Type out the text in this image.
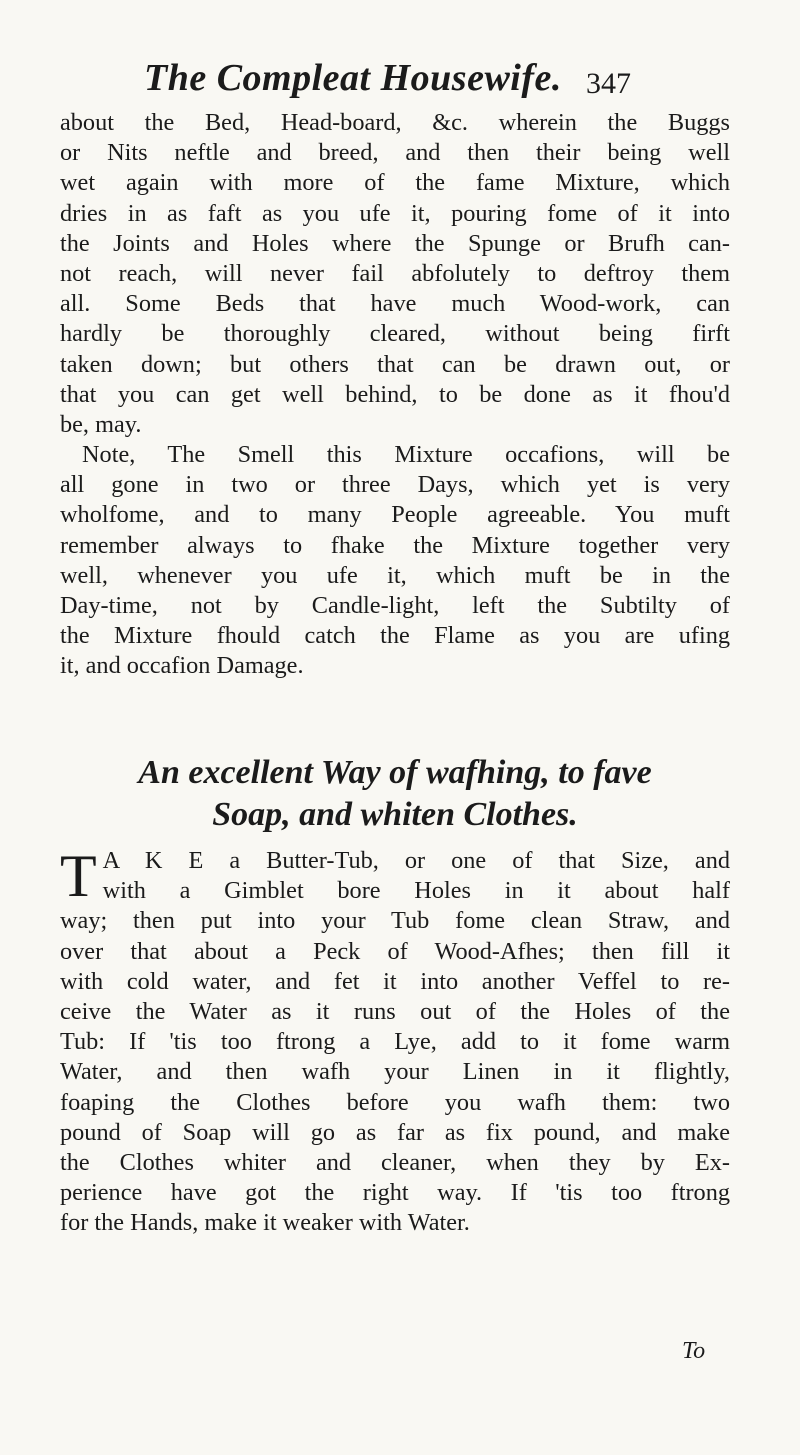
The Compleat Housewife. 347
about the Bed, Head-board, &c. wherein the Buggs
or Nits neftle and breed, and then their being well
wet again with more of the fame Mixture, which
dries in as faft as you ufe it, pouring fome of it into
the Joints and Holes where the Spunge or Brufh can-
not reach, will never fail abfolutely to deftroy them
all. Some Beds that have much Wood-work, can
hardly be thoroughly cleared, without being firft
taken down; but others that can be drawn out, or
that you can get well behind, to be done as it fhou'd
be, may.
Note, The Smell this Mixture occafions, will be
all gone in two or three Days, which yet is very
wholfome, and to many People agreeable. You muft
remember always to fhake the Mixture together very
well, whenever you ufe it, which muft be in the
Day-time, not by Candle-light, left the Subtilty of
the Mixture fhould catch the Flame as you are ufing
it, and occafion Damage.
An excellent Way of wafhing, to fave
Soap, and whiten Clothes.
T A K E a Butter-Tub, or one of that Size, and
with a Gimblet bore Holes in it about half
way; then put into your Tub fome clean Straw, and
over that about a Peck of Wood-Afhes; then fill it
with cold water, and fet it into another Veffel to re-
ceive the Water as it runs out of the Holes of the
Tub: If 'tis too ftrong a Lye, add to it fome warm
Water, and then wafh your Linen in it flightly,
foaping the Clothes before you wafh them: two
pound of Soap will go as far as fix pound, and make
the Clothes whiter and cleaner, when they by Ex-
perience have got the right way. If 'tis too ftrong
for the Hands, make it weaker with Water.
To
